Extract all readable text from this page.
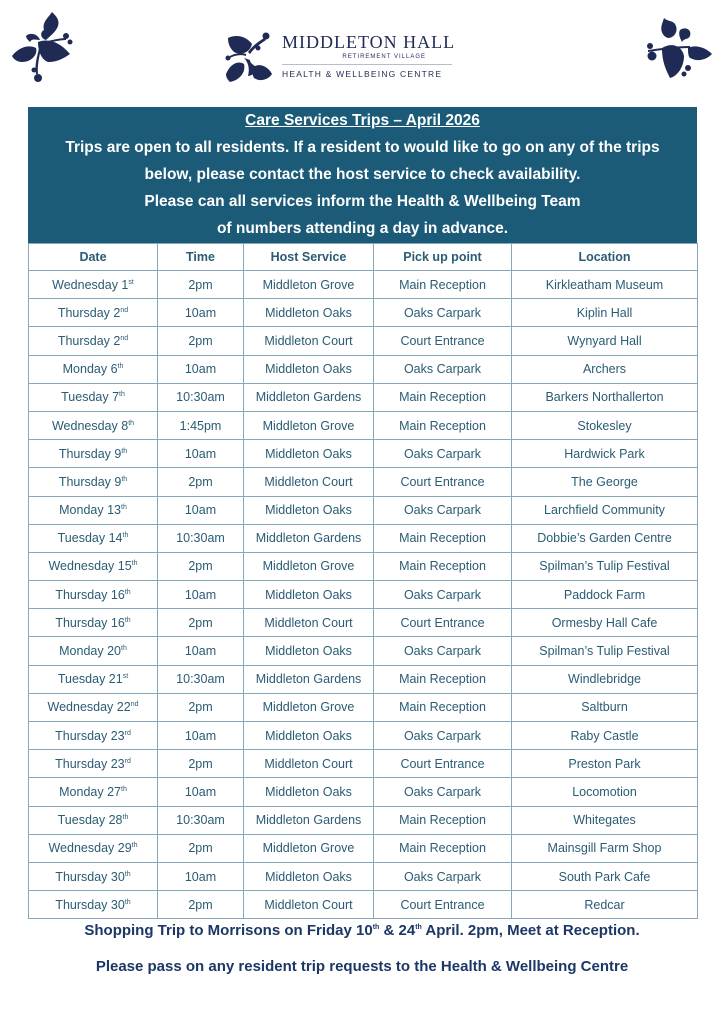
MIDDLETON HALL
RETIREMENT VILLAGE
HEALTH & WELLBEING CENTRE
Care Services Trips – April 2026
Trips are open to all residents. If a resident to would like to go on any of the trips
below, please contact the host service to check availability.
Please can all services inform the Health & Wellbeing Team
of numbers attending a day in advance.
Date	Time	Host Service	Pick up point	Location
Wednesday 1st	2pm	Middleton Grove	Main Reception	Kirkleatham Museum
Thursday 2nd	10am	Middleton Oaks	Oaks Carpark	Kiplin Hall
Thursday 2nd	2pm	Middleton Court	Court Entrance	Wynyard Hall
Monday 6th	10am	Middleton Oaks	Oaks Carpark	Archers
Tuesday 7th	10:30am	Middleton Gardens	Main Reception	Barkers Northallerton
Wednesday 8th	1:45pm	Middleton Grove	Main Reception	Stokesley
Thursday 9th	10am	Middleton Oaks	Oaks Carpark	Hardwick Park
Thursday 9th	2pm	Middleton Court	Court Entrance	The George
Monday 13th	10am	Middleton Oaks	Oaks Carpark	Larchfield Community
Tuesday 14th	10:30am	Middleton Gardens	Main Reception	Dobbie’s Garden Centre
Wednesday 15th	2pm	Middleton Grove	Main Reception	Spilman’s Tulip Festival
Thursday 16th	10am	Middleton Oaks	Oaks Carpark	Paddock Farm
Thursday 16th	2pm	Middleton Court	Court Entrance	Ormesby Hall Cafe
Monday 20th	10am	Middleton Oaks	Oaks Carpark	Spilman’s Tulip Festival
Tuesday 21st	10:30am	Middleton Gardens	Main Reception	Windlebridge
Wednesday 22nd	2pm	Middleton Grove	Main Reception	Saltburn
Thursday 23rd	10am	Middleton Oaks	Oaks Carpark	Raby Castle
Thursday 23rd	2pm	Middleton Court	Court Entrance	Preston Park
Monday 27th	10am	Middleton Oaks	Oaks Carpark	Locomotion
Tuesday 28th	10:30am	Middleton Gardens	Main Reception	Whitegates
Wednesday 29th	2pm	Middleton Grove	Main Reception	Mainsgill Farm Shop
Thursday 30th	10am	Middleton Oaks	Oaks Carpark	South Park Cafe
Thursday 30th	2pm	Middleton Court	Court Entrance	Redcar
Shopping Trip to Morrisons on Friday 10th & 24th April. 2pm, Meet at Reception.
Please pass on any resident trip requests to the Health & Wellbeing Centre
